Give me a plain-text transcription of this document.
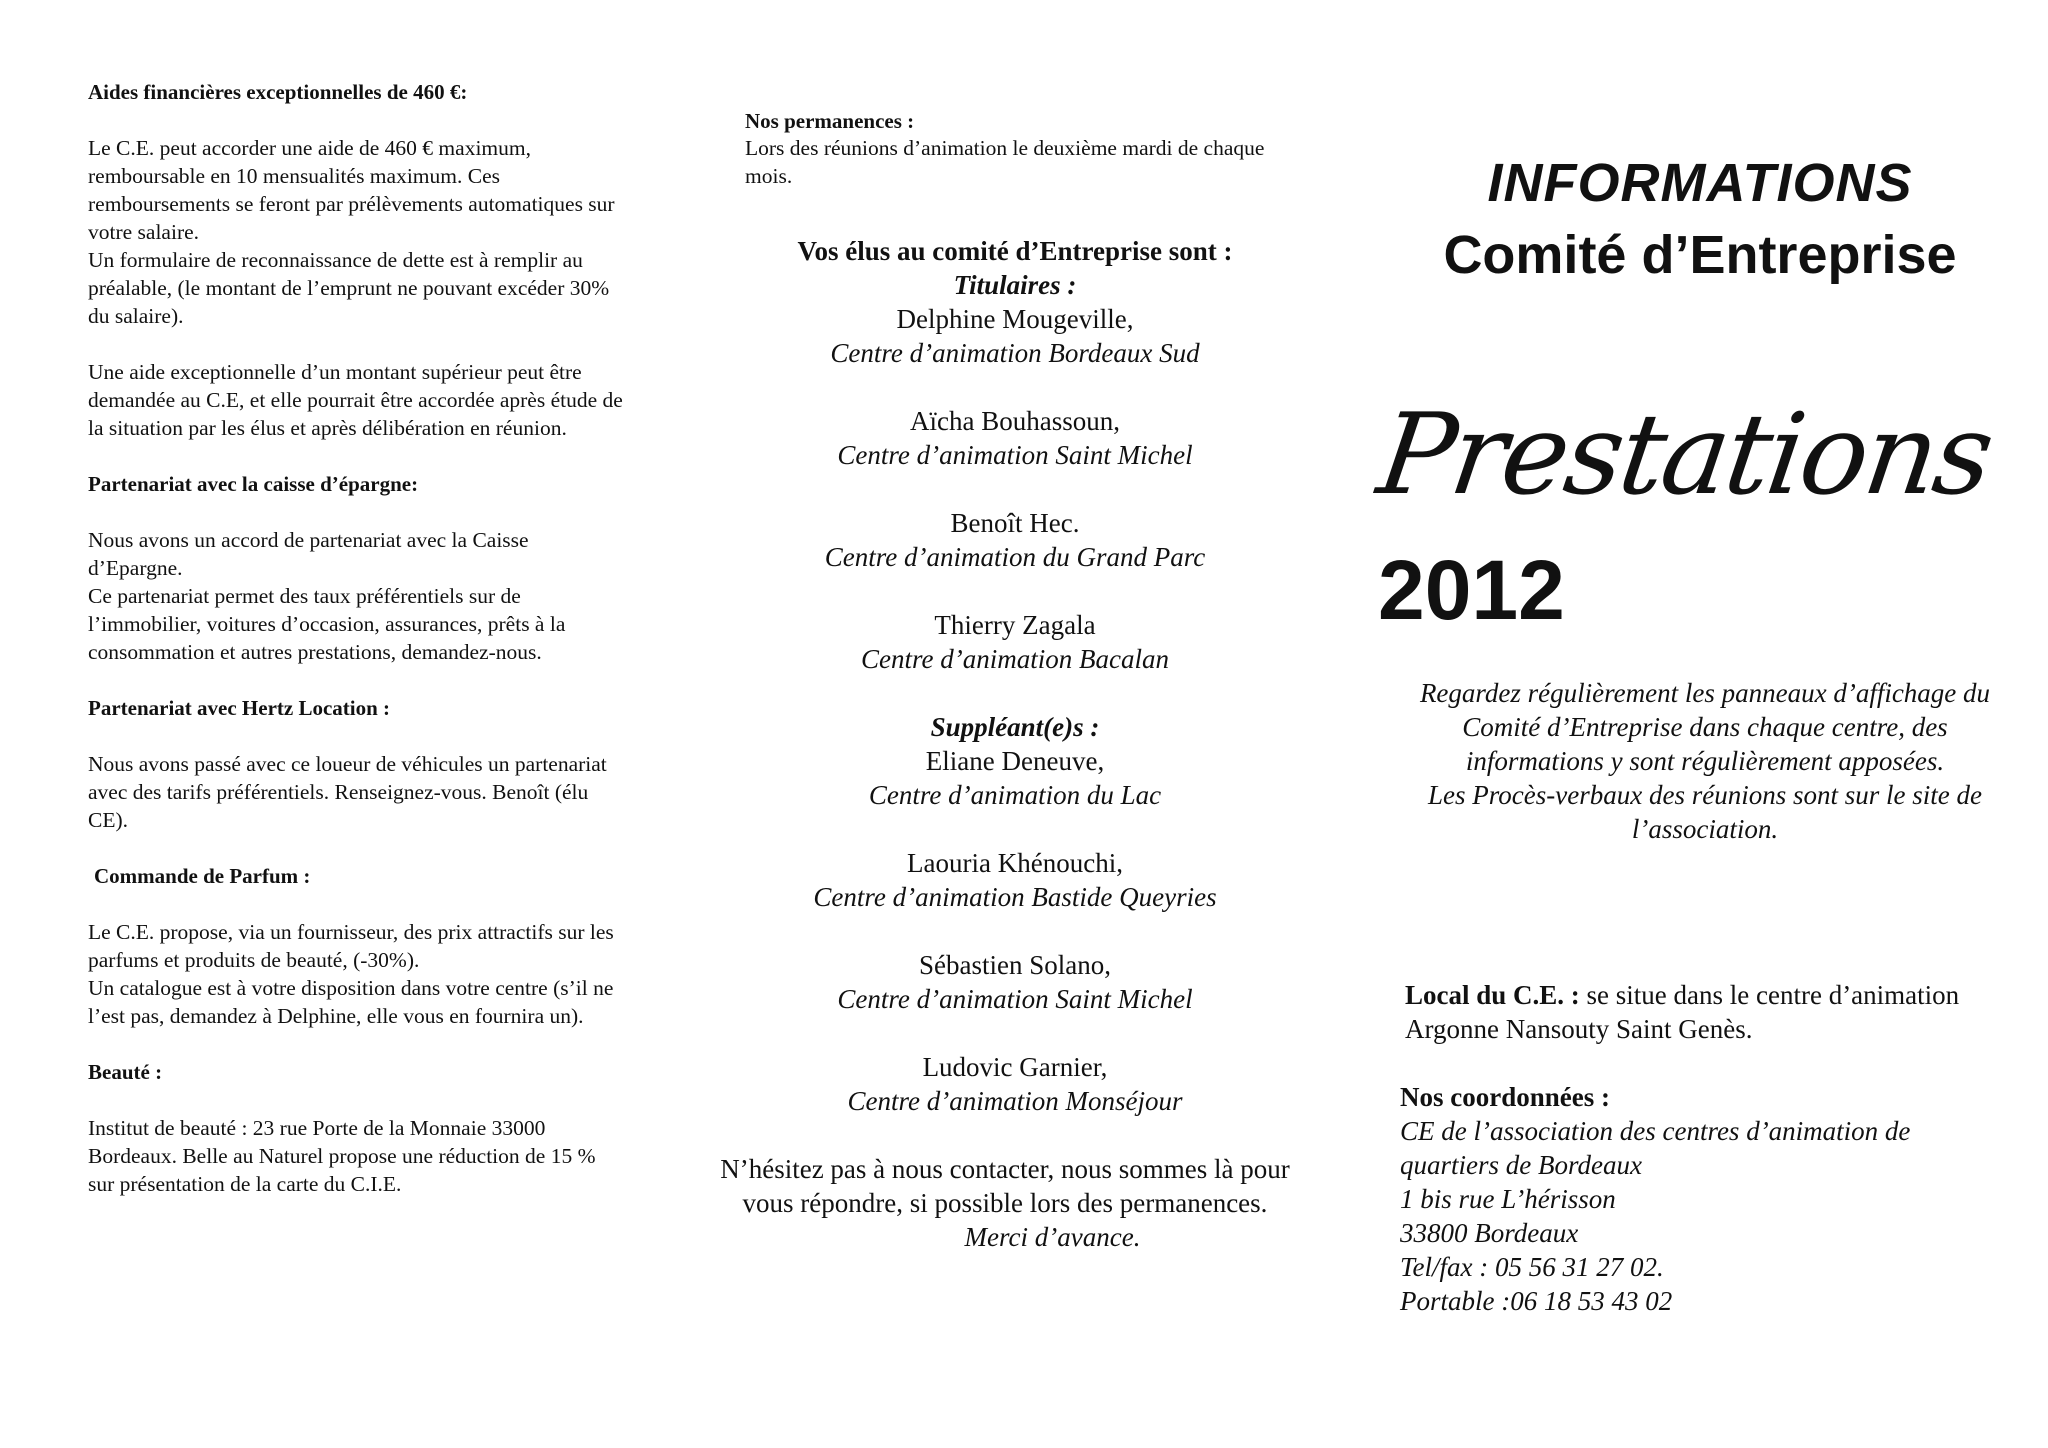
Aides financières exceptionnelles de 460 €:

Le C.E. peut accorder une aide de 460 € maximum,

remboursable en 10 mensualités maximum. Ces

remboursements se feront par prélèvements automatiques sur

votre salaire.

Un formulaire de reconnaissance de dette est à remplir au

préalable, (le montant de l’emprunt ne pouvant excéder 30%

du salaire).

Une aide exceptionnelle d’un montant supérieur peut être

demandée au C.E, et elle pourrait être accordée après étude de

la situation par les élus et après délibération en réunion.

Partenariat avec la caisse d’épargne:

Nous avons un accord de partenariat avec la Caisse

d’Epargne.

Ce partenariat permet des taux préférentiels sur de

l’immobilier, voitures d’occasion, assurances, prêts à la

consommation et autres prestations, demandez-nous.

Partenariat avec Hertz Location :

Nous avons passé avec ce loueur de véhicules un partenariat

avec des tarifs préférentiels. Renseignez-vous. Benoît (élu

CE).

Commande de Parfum :

Le C.E. propose, via un fournisseur, des prix attractifs sur les

parfums et produits de beauté, (-30%).

Un catalogue est à votre disposition dans votre centre (s’il ne

l’est pas, demandez à Delphine, elle vous en fournira un).

Beauté :

Institut de beauté : 23 rue Porte de la Monnaie 33000

Bordeaux. Belle au Naturel propose une réduction de 15 %

sur présentation de la carte du C.I.E.

Nos permanences :

Lors des réunions d’animation le deuxième mardi de chaque

mois.

Vos élus au comité d’Entreprise sont :
Titulaires :
Delphine Mougeville,
Centre d’animation Bordeaux Sud
Aïcha Bouhassoun,
Centre d’animation Saint Michel
Benoît Hec.
Centre d’animation du Grand Parc
Thierry Zagala
Centre d’animation Bacalan
Suppléant(e)s :
Eliane Deneuve,
Centre d’animation du Lac
Laouria Khénouchi,
Centre d’animation Bastide Queyries
Sébastien Solano,
Centre d’animation Saint Michel
Ludovic Garnier,
Centre d’animation Monséjour
N’hésitez pas à nous contacter, nous sommes là pour
vous répondre, si possible lors des permanences.
Merci d’avance.
INFORMATIONS
Comité d’Entreprise
Prestations
2012
Regardez régulièrement les panneaux d’affichage du
Comité d’Entreprise dans chaque centre, des
informations y sont régulièrement apposées.
Les Procès-verbaux des réunions sont sur le site de
l’association.
Local du C.E. : se situe dans le centre d’animation
Argonne Nansouty Saint Genès.

Nos coordonnées :

CE de l’association des centres d’animation de

quartiers de Bordeaux

1 bis rue L’hérisson

33800 Bordeaux

Tel/fax : 05 56 31 27 02.

Portable :06 18 53 43 02
